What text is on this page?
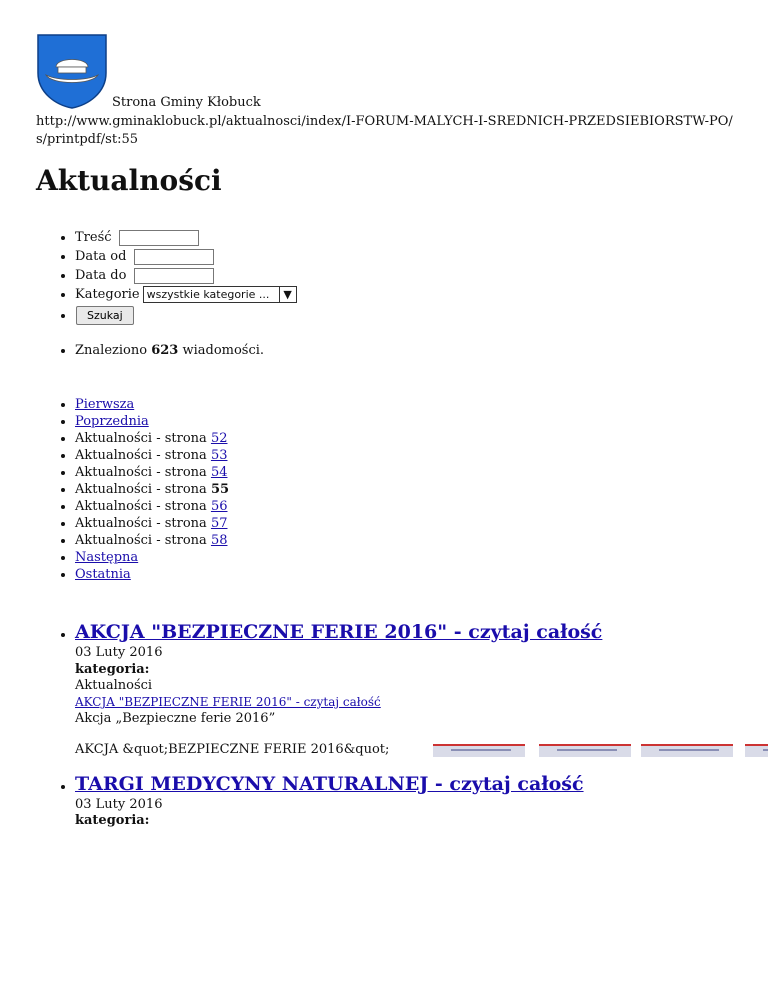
Strona Gminy Kłobuck
http://www.gminaklobuck.pl/aktualnosci/index/I-FORUM-MALYCH-I-SREDNICH-PRZEDSIEBIORSTW-PO/s/printpdf/st:55
Aktualności
• Treść
• Data od
• Data do
• Kategorie wszystkie kategorie ...	▼
• Szukaj
• Znaleziono 623 wiadomości.
• Pierwsza
• Poprzednia
• Aktualności - strona 52
• Aktualności - strona 53
• Aktualności - strona 54
• Aktualności - strona 55
• Aktualności - strona 56
• Aktualności - strona 57
• Aktualności - strona 58
• Następna
• Ostatnia
• AKCJA "BEZPIECZNE FERIE 2016" - czytaj całość

03 Luty 2016

kategoria:

Aktualności

AKCJA "BEZPIECZNE FERIE 2016" - czytaj całość

Akcja „Bezpieczne ferie 2016”

AKCJA &quot;BEZPIECZNE FERIE 2016&quot;
• TARGI MEDYCYNY NATURALNEJ - czytaj całość

03 Luty 2016

kategoria:
